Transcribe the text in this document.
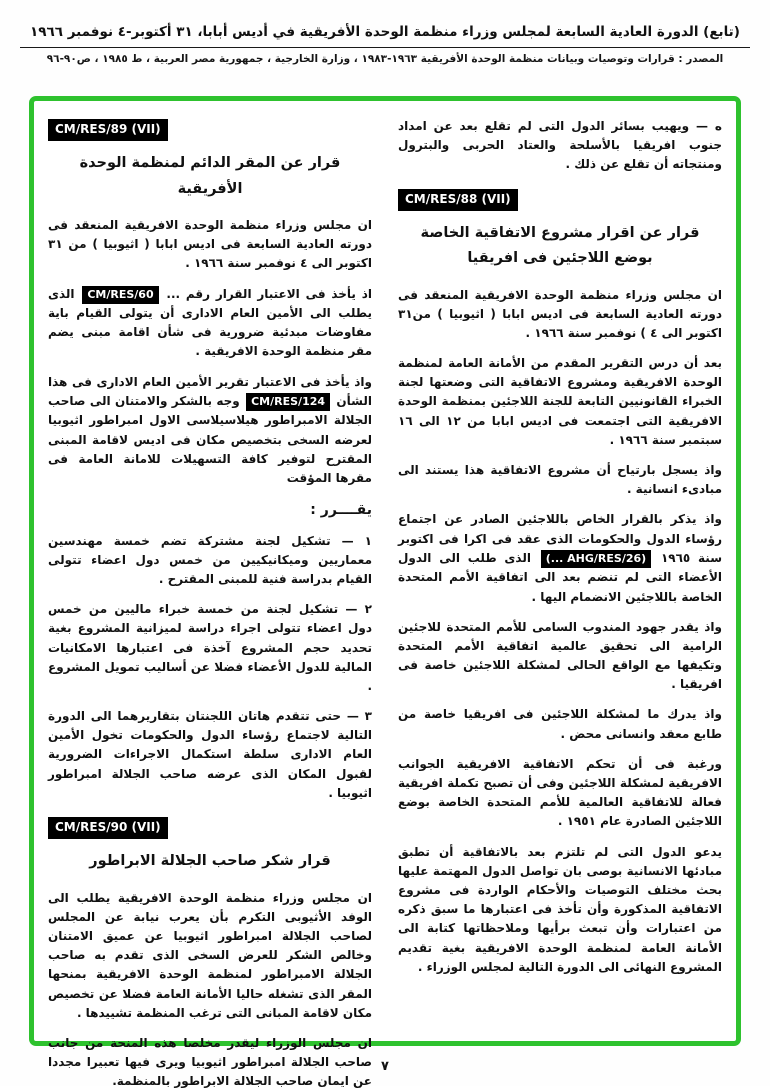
(تابع) الدورة العادية السابعة لمجلس وزراء منظمة الوحدة الأفريقية في أديس أبابا، ٣١ أكتوبر-٤ نوفمبر ١٩٦٦
المصدر : قرارات وتوصيات وبيانات منظمة الوحدة الأفريقية ١٩٦٣-١٩٨٣ ، وزارة الخارجية ، جمهورية مصر العربية ، ط ١٩٨٥ ، ص٩٠-٩٦

ه — ويهيب بسائر الدول التى لم تقلع بعد عن امداد جنوب افريقيا بالأسلحة والعتاد الحربى والبترول ومنتجاته أن تقلع عن ذلك .

CM/RES/88 (VII)
قرار عن اقرار مشروع الاتفاقية الخاصة بوضع اللاجئين فى افريقيا

ان مجلس وزراء منظمة الوحدة الافريقية المنعقد فى دورته العادية السابعة فى اديس ابابا ( اثيوبيا ) من٣١ اكتوبر الى ٤ ) نوفمبر سنة ١٩٦٦ .

بعد أن درس التقرير المقدم من الأمانة العامة لمنظمة الوحدة الافريقية ومشروع الاتفاقية التى وضعتها لجنة الخبراء القانونيين التابعة للجنة اللاجئين بمنظمة الوحدة الافريقية التى اجتمعت فى اديس ابابا من ١٢ الى ١٦ سبتمبر سنة ١٩٦٦ .

واذ يسجل بارتياح أن مشروع الاتفاقية هذا يستند الى مبادىء انسانية .

واذ يذكر بالقرار الخاص باللاجئين الصادر عن اجتماع رؤساء الدول والحكومات الذى عقد فى اكرا فى اكتوبر سنة ١٩٦٥ (... AHG/RES/26) الذى طلب الى الدول الأعضاء التى لم تنضم بعد الى اتفاقية الأمم المتحدة الخاصة باللاجئين الانضمام اليها .

واذ يقدر جهود المندوب السامى للأمم المتحدة للاجئين الرامية الى تحقيق عالمية اتفاقية الأمم المتحدة وتكيفها مع الواقع الحالى لمشكلة اللاجئين خاصة فى افريقيا .

واذ يدرك ما لمشكلة اللاجئين فى افريقيا خاصة من طابع معقد وانسانى محض .

ورغبة فى أن تحكم الاتفاقية الافريقية الجوانب الافريقية لمشكلة اللاجئين وفى أن تصبح تكملة افريقية فعالة للاتفاقية العالمية للأمم المتحدة الخاصة بوضع اللاجئين الصادرة عام ١٩٥١ .

يدعو الدول التى لم تلتزم بعد بالاتفاقية أن تطبق مبادئها الانسانية بوصى بان تواصل الدول المهتمة عليها بحث مختلف التوصيات والأحكام الواردة فى مشروع الاتفاقية المذكورة وأن تأخذ فى اعتبارها ما سبق ذكره من اعتبارات وأن تبعث برأيها وملاحظاتها كتابة الى الأمانة العامة لمنظمة الوحدة الافريقية بغية تقديم المشروع النهائى الى الدورة التالية لمجلس الوزراء .

CM/RES/89 (VII)
قرار عن المقر الدائم لمنظمة الوحدة الأفريقية

ان مجلس وزراء منظمة الوحدة الافريقية المنعقد فى دورته العادية السابعة فى اديس ابابا ( اثيوبيا ) من ٣١ اكتوبر الى ٤ نوفمبر سنة ١٩٦٦ .

اذ يأخذ فى الاعتبار القرار رقم ... CM/RES/60 الذى يطلب الى الأمين العام الادارى أن يتولى القيام باية مفاوضات مبدئية ضرورية فى شأن اقامة مبنى يضم مقر منظمة الوحدة الافريقية .

واذ يأخذ فى الاعتبار تقرير الأمين العام الادارى فى هذا الشأن CM/RES/124 وجه بالشكر والامتنان الى صاحب الجلالة الامبراطور هيلاسيلاسى الاول امبراطور اثيوبيا لعرضه السخى بتخصيص مكان فى اديس لاقامة المبنى المقترح لتوفير كافة التسهيلات للامانة العامة فى مقرها المؤقت

يقــــرر :

١ — تشكيل لجنة مشتركة تضم خمسة مهندسين معماريين وميكانيكيين من خمس دول اعضاء تتولى القيام بدراسة فنية للمبنى المقترح .

٢ — تشكيل لجنة من خمسة خبراء ماليين من خمس دول اعضاء تتولى اجراء دراسة لميزانية المشروع بغية تحديد حجم المشروع آخذة فى اعتبارها الامكانيات المالية للدول الأعضاء فضلا عن أساليب تمويل المشروع .

٣ — حتى تتقدم هاتان اللجنتان بتقاريرهما الى الدورة التالية لاجتماع رؤساء الدول والحكومات تخول الأمين العام الادارى سلطة استكمال الاجراءات الضرورية لقبول المكان الذى عرضه صاحب الجلالة امبراطور اثيوبيا .

CM/RES/90 (VII)
قرار شكر صاحب الجلالة الابراطور

ان مجلس وزراء منظمة الوحدة الافريقية يطلب الى الوفد الأثيوبى التكرم بأن يعرب نيابة عن المجلس لصاحب الجلالة امبراطور اثيوبيا عن عميق الامتنان وخالص الشكر للعرض السخى الذى تقدم به صاحب الجلالة الامبراطور لمنظمة الوحدة الافريقية بمنحها المقر الذى تشغله حاليا الأمانة العامة فضلا عن تخصيص مكان لاقامة المبانى التى ترغب المنظمة تشييدها .

ان مجلس الوزراء ليقدر مخلصا هذه المنحة من جانب صاحب الجلالة امبراطور اثيوبيا ويرى فيها تعبيرا مجددا عن ايمان صاحب الجلالة الابراطور بالمنظمة.

٧
